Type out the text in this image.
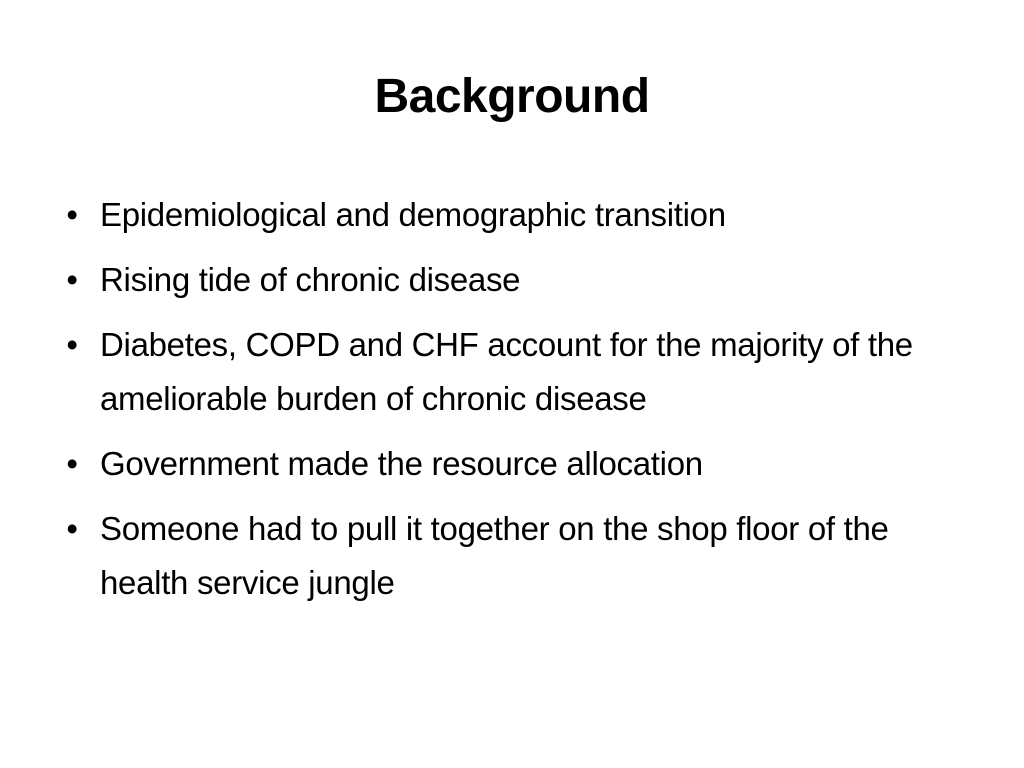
Background
• Epidemiological and demographic transition
• Rising tide of chronic disease
• Diabetes, COPD and CHF account for the majority of the ameliorable burden of chronic disease
• Government made the resource allocation
• Someone had to pull it together on the shop floor of the health service jungle
